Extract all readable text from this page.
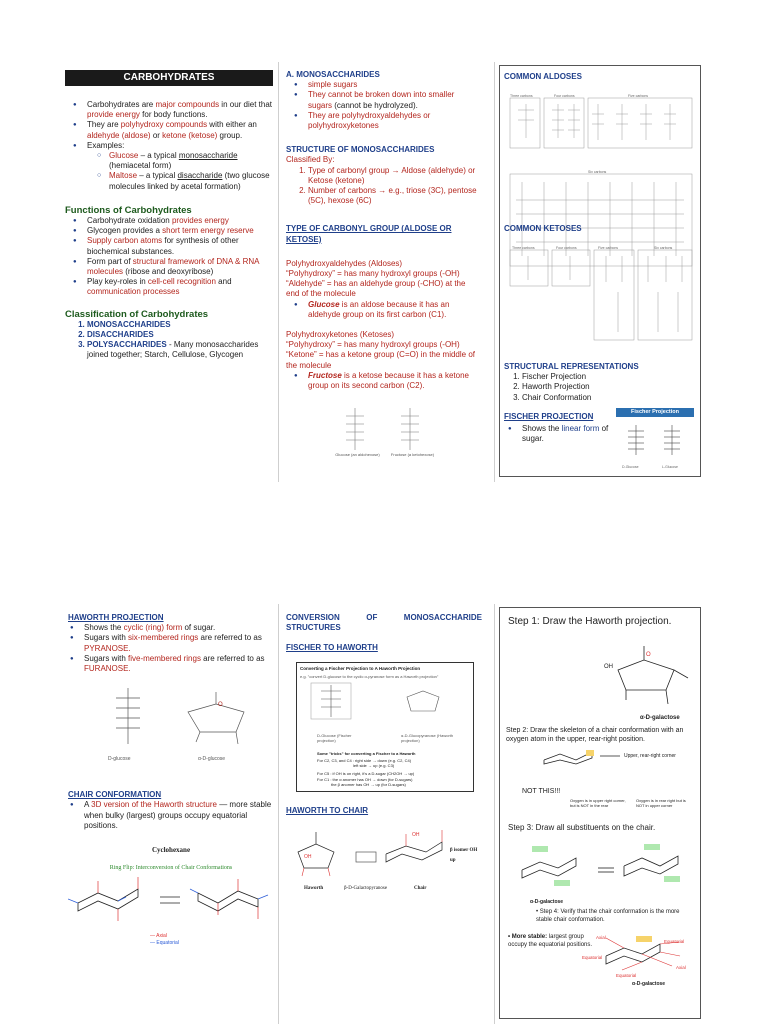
CARBOHYDRATES
● Carbohydrates are major compounds in our diet that provide energy for body functions.
● They are polyhydroxy compounds with either an aldehyde (aldose) or ketone (ketose) group.
● Examples:
○ Glucose – a typical monosaccharide (hemiacetal form)
○ Maltose – a typical disaccharide (two glucose molecules linked by acetal formation)
Functions of Carbohydrates
● Carbohydrate oxidation provides energy
● Glycogen provides a short term energy reserve
● Supply carbon atoms for synthesis of other biochemical substances.
● Form part of structural framework of DNA & RNA molecules (ribose and deoxyribose)
● Play key-roles in cell-cell recognition and communication processes
Classification of Carbohydrates
1. MONOSACCHARIDES
2. DISACCHARIDES
3. POLYSACCHARIDES - Many monosaccharides joined together; Starch, Cellulose, Glycogen
A. MONOSACCHARIDES
● simple sugars
● They cannot be broken down into smaller sugars (cannot be hydrolyzed).
● They are polyhydroxyaldehydes or polyhydroxyketones
STRUCTURE OF MONOSACCHARIDES
Classified By:
1. Type of carbonyl group → Aldose (aldehyde) or Ketose (ketone)
2. Number of carbons → e.g., triose (3C), pentose (5C), hexose (6C)
TYPE OF CARBONYL GROUP (ALDOSE OR KETOSE)
Polyhydroxyaldehydes (Aldoses)
“Polyhydroxy” = has many hydroxyl groups (-OH)
“Aldehyde” = has an aldehyde group (-CHO) at the end of the molecule
● Glucose is an aldose because it has an aldehyde group on its first carbon (C1).
Polyhydroxyketones (Ketoses)
“Polyhydroxy” = has many hydroxyl groups (-OH)
“Ketone” = has a ketone group (C=O) in the middle of the molecule
● Fructose is a ketose because it has a ketone group on its second carbon (C2).
Glucose (an aldohexose)	Fructose (a ketohexose)
COMMON ALDOSES
Three carbons	Four carbons	Five carbons
Six carbons
COMMON KETOSES
Three carbons	Four carbons	Five carbons	Six carbons
STRUCTURAL REPRESENTATIONS
1. Fischer Projection
2. Haworth Projection
3. Chair Conformation
FISCHER PROJECTION
● Shows the linear form of sugar.
Fischer Projection
D-Glucose	L-Glucose
HAWORTH PROJECTION
● Shows the cyclic (ring) form of sugar.
● Sugars with six-membered rings are referred to as PYRANOSE.
● Sugars with five-membered rings are referred to as FURANOSE.
O
D-glucose	α-D-glucose
CHAIR CONFORMATION
● A 3D version of the Haworth structure — more stable when bulky (largest) groups occupy equatorial positions.
Cyclohexane
Ring Flip: Interconversion of Chair Conformations
— Axial
— Equatorial
CONVERSION OF MONOSACCHARIDE STRUCTURES
FISCHER TO HAWORTH
Converting a Fischer Projection to A Haworth Projection
e.g. "convert D-glucose to the cyclic α-pyranose form as a Haworth projection"
D-Glucose (Fischer projection)
α-D-Glucopyranose (Haworth projection)
Some "tricks" for converting a Fischer to a Haworth
For C2, C3, and C4 : right side → down (e.g. C2, C4)
left side → up (e.g. C3)
For C5 : if OH is on right, it's a D-sugar (CH2OH → up)
For C1 : the α anomer has OH → down (for D-sugars)
the β anomer has OH → up (for D-sugars)
HAWORTH TO CHAIR
OH
OH
Haworth	β-D-Galactopyranose	Chair
β isomer OH up
Step 1: Draw the Haworth projection.
O
OH
α-D-galactose
Step 2: Draw the skeleton of a chair conformation with an oxygen atom in the upper, rear-right position.
Upper, rear-right corner
NOT THIS!!!
Oxygen is in upper right corner, but is NOT in the rear
Oxygen is in rear right but is NOT in upper corner
Step 3: Draw all substituents on the chair.
α-D-galactose
• Step 4: Verify that the chair conformation is the more stable chair conformation.
• More stable: largest group occupy the equatorial positions.
Axial
Equatorial
Equatorial
Equatorial
Axial
α-D-galactose
